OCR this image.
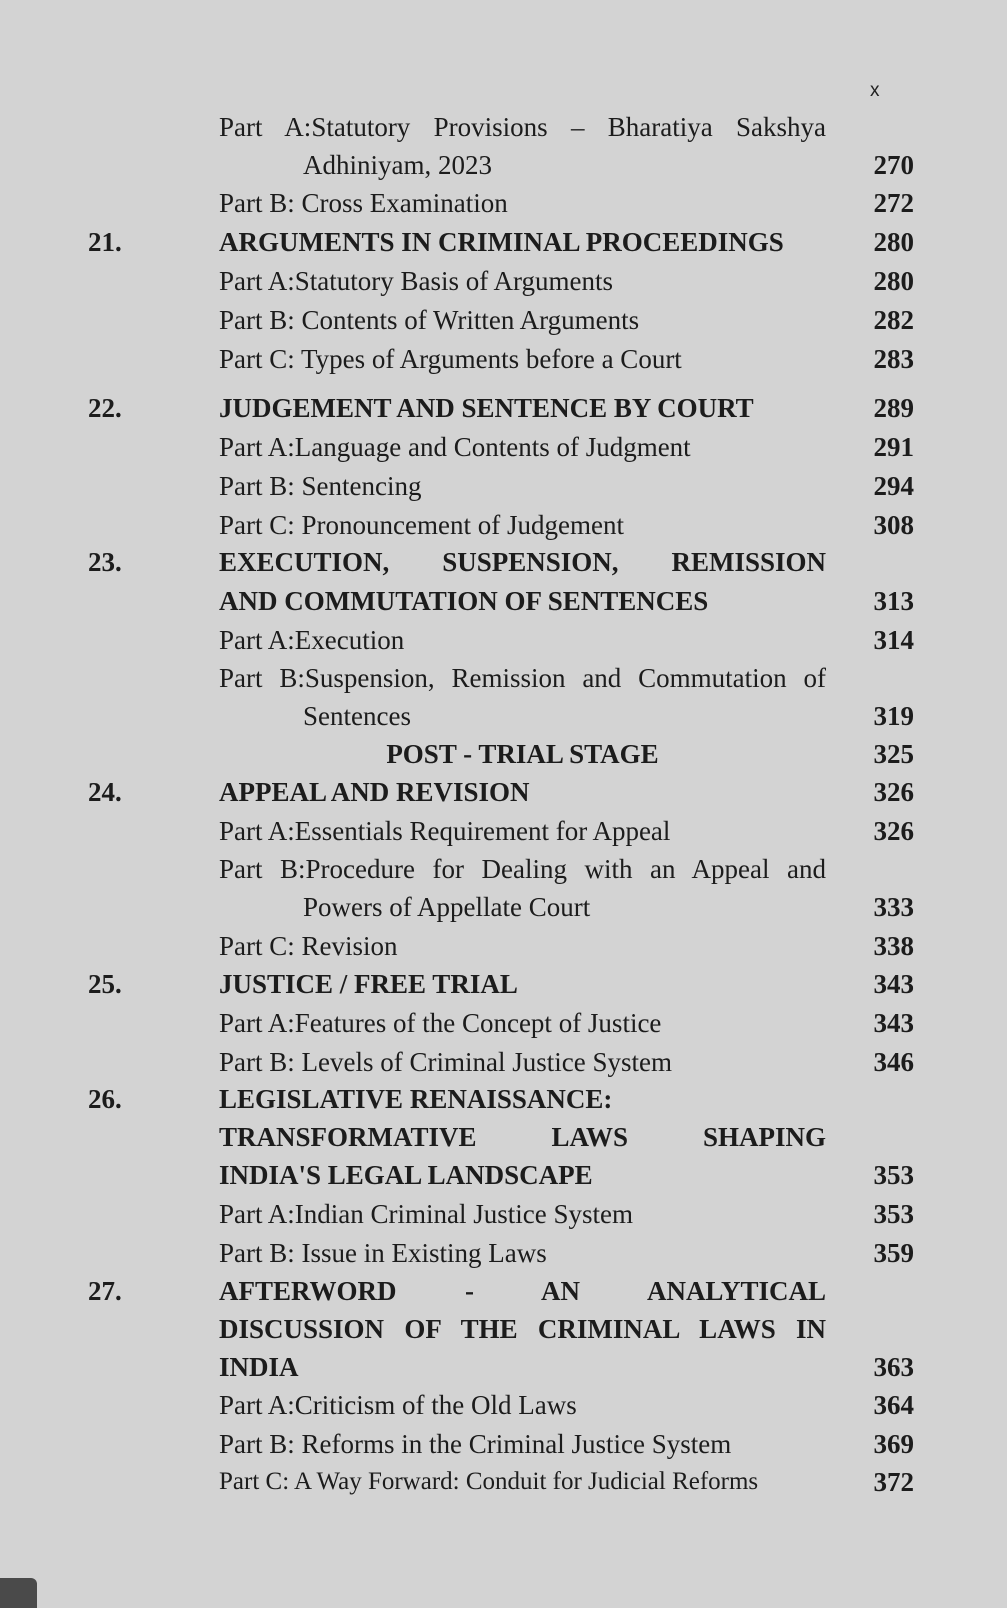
x
Part A:Statutory Provisions – Bharatiya Sakshya
Adhiniyam, 2023	270
Part B: Cross Examination	272
21.	ARGUMENTS IN CRIMINAL PROCEEDINGS	280
Part A:Statutory Basis of Arguments	280
Part B: Contents of Written Arguments	282
Part C: Types of Arguments before a Court	283
22.	JUDGEMENT AND SENTENCE BY COURT	289
Part A:Language and Contents of Judgment	291
Part B: Sentencing	294
Part C: Pronouncement of Judgement	308
23.	EXECUTION, SUSPENSION, REMISSION
AND COMMUTATION OF SENTENCES	313
Part A:Execution	314
Part B:Suspension, Remission and Commutation of
Sentences	319
POST - TRIAL STAGE	325
24.	APPEAL AND REVISION	326
Part A:Essentials Requirement for Appeal	326
Part B:Procedure for Dealing with an Appeal and
Powers of Appellate Court	333
Part C: Revision	338
25.	JUSTICE / FREE TRIAL	343
Part A:Features of the Concept of Justice	343
Part B: Levels of Criminal Justice System	346
26.	LEGISLATIVE RENAISSANCE:
TRANSFORMATIVE LAWS SHAPING
INDIA'S LEGAL LANDSCAPE	353
Part A:Indian Criminal Justice System	353
Part B: Issue in Existing Laws	359
27.	AFTERWORD - AN ANALYTICAL
DISCUSSION OF THE CRIMINAL LAWS IN
INDIA	363
Part A:Criticism of the Old Laws	364
Part B: Reforms in the Criminal Justice System	369
Part C: A Way Forward: Conduit for Judicial Reforms	372
